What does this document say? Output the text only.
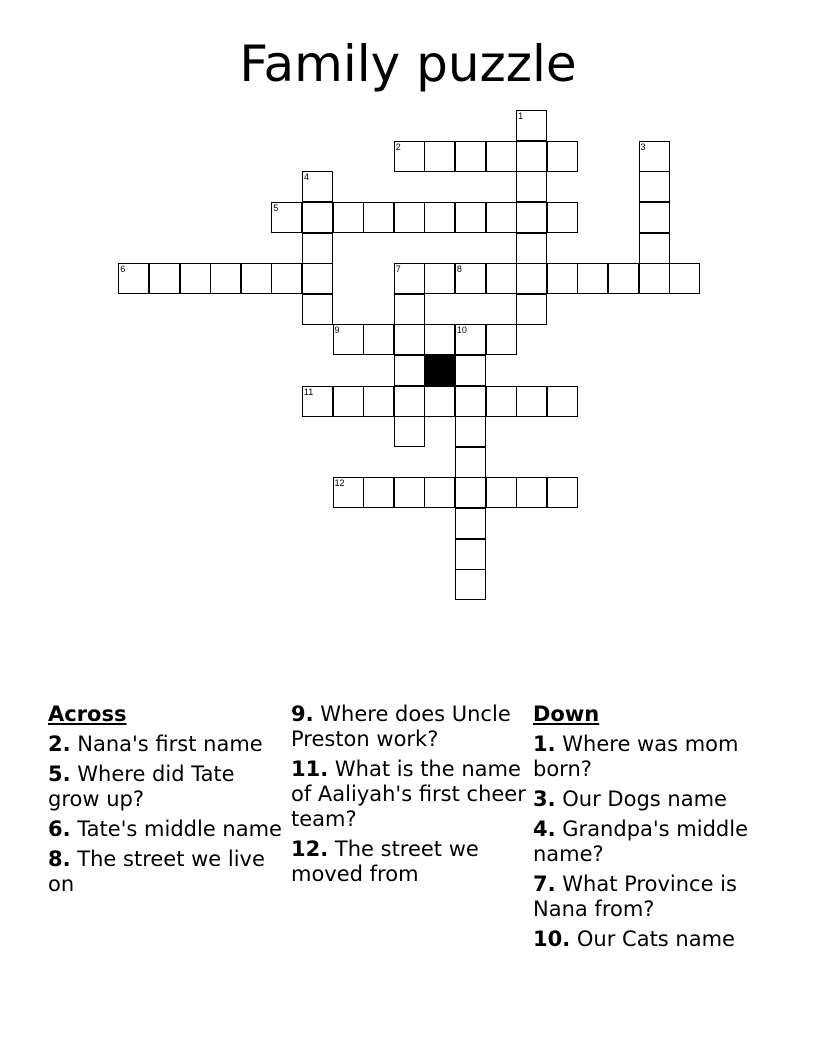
Family puzzle
2
1
3
5
4
6	7	8
9	10
11
12
Across
2. Nana's first name
5. Where did Tate grow up?
6. Tate's middle name
8. The street we live on
9. Where does Uncle Preston work?
11. What is the name of Aaliyah's first cheer team?
12. The street we moved from
Down
1. Where was mom born?
3. Our Dogs name
4. Grandpa's middle name?
7. What Province is Nana from?
10. Our Cats name
